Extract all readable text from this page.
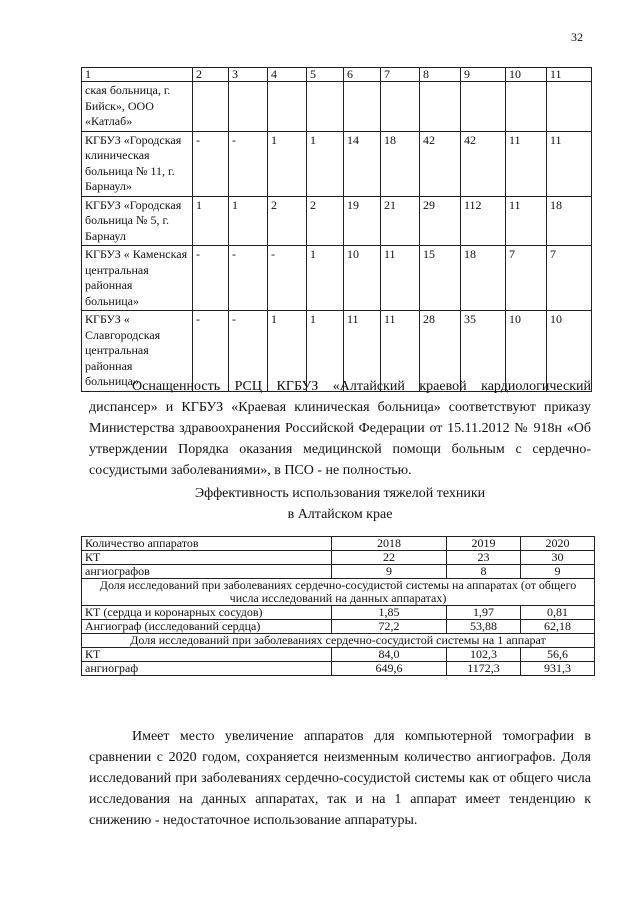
32
1	2	3	4	5	6	7	8	9	10	11
ская больница, г. Бийск», ООО «Катлаб»										
КГБУЗ «Городская клиническая больница № 11, г. Барнаул»	-	-	1	1	14	18	42	42	11	11
КГБУЗ «Городская больница № 5, г. Барнаул	1	1	2	2	19	21	29	112	11	18
КГБУЗ « Каменская центральная районная больница»	-	-	-	1	10	11	15	18	7	7
КГБУЗ « Славгородская центральная районная больница»	-	-	1	1	11	11	28	35	10	10

Оснащенность РСЦ КГБУЗ «Алтайский краевой кардиологический диспансер» и КГБУЗ «Краевая клиническая больница» соответствуют приказу Министерства здравоохранения Российской Федерации от 15.11.2012 № 918н «Об утверждении Порядка оказания медицинской помощи больным с сердечно-сосудистыми заболеваниями», в ПСО - не полностью.

Эффективность использования тяжелой техники

в Алтайском крае

Количество аппаратов	2018	2019	2020
КТ	22	23	30
ангиографов	9	8	9
Доля исследований при заболеваниях сердечно-сосудистой системы на аппаратах (от общего числа исследований на данных аппаратах)			
КТ (сердца и коронарных сосудов)	1,85	1,97	0,81
Ангиограф (исследований сердца)	72,2	53,88	62,18
Доля исследований при заболеваниях сердечно-сосудистой системы на 1 аппарат			
КТ	84,0	102,3	56,6
ангиограф	649,6	1172,3	931,3

Имеет место увеличение аппаратов для компьютерной томографии в сравнении с 2020 годом, сохраняется неизменным количество ангиографов. Доля исследований при заболеваниях сердечно-сосудистой системы как от общего числа исследования на данных аппаратах, так и на 1 аппарат имеет тенденцию к снижению - недостаточное использование аппаратуры.
